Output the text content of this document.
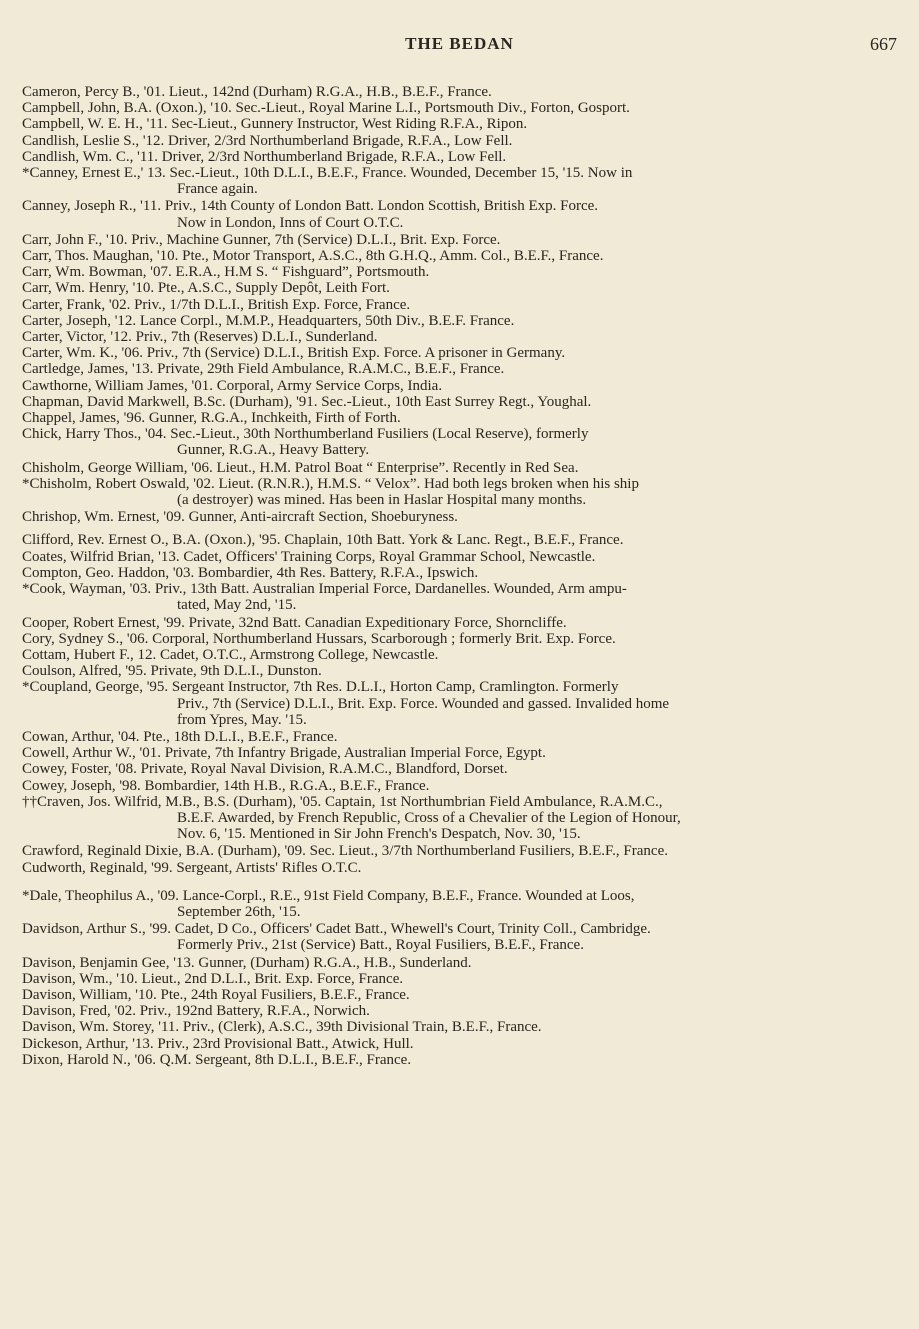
THE BEDAN	667

Cameron, Percy B., '01. Lieut., 142nd (Durham) R.G.A., H.B., B.E.F., France.

Campbell, John, B.A. (Oxon.), '10. Sec.-Lieut., Royal Marine L.I., Portsmouth Div., Forton, Gosport.

Campbell, W. E. H., '11. Sec-Lieut., Gunnery Instructor, West Riding R.F.A., Ripon.

Candlish, Leslie S., '12. Driver, 2/3rd Northumberland Brigade, R.F.A., Low Fell.

Candlish, Wm. C., '11. Driver, 2/3rd Northumberland Brigade, R.F.A., Low Fell.

*Canney, Ernest E.,' 13. Sec.-Lieut., 10th D.L.I., B.E.F., France. Wounded, December 15, '15. Now in
France again.

Canney, Joseph R., '11. Priv., 14th County of London Batt. London Scottish, British Exp. Force.
Now in London, Inns of Court O.T.C.

Carr, John F., '10. Priv., Machine Gunner, 7th (Service) D.L.I., Brit. Exp. Force.

Carr, Thos. Maughan, '10. Pte., Motor Transport, A.S.C., 8th G.H.Q., Amm. Col., B.E.F., France.

Carr, Wm. Bowman, '07. E.R.A., H.M S. “ Fishguard”, Portsmouth.

Carr, Wm. Henry, '10. Pte., A.S.C., Supply Depôt, Leith Fort.

Carter, Frank, '02. Priv., 1/7th D.L.I., British Exp. Force, France.

Carter, Joseph, '12. Lance Corpl., M.M.P., Headquarters, 50th Div., B.E.F. France.

Carter, Victor, '12. Priv., 7th (Reserves) D.L.I., Sunderland.

Carter, Wm. K., '06. Priv., 7th (Service) D.L.I., British Exp. Force. A prisoner in Germany.

Cartledge, James, '13. Private, 29th Field Ambulance, R.A.M.C., B.E.F., France.

Cawthorne, William James, '01. Corporal, Army Service Corps, India.

Chapman, David Markwell, B.Sc. (Durham), '91. Sec.-Lieut., 10th East Surrey Regt., Youghal.

Chappel, James, '96. Gunner, R.G.A., Inchkeith, Firth of Forth.

Chick, Harry Thos., '04. Sec.-Lieut., 30th Northumberland Fusiliers (Local Reserve), formerly
Gunner, R.G.A., Heavy Battery.

Chisholm, George William, '06. Lieut., H.M. Patrol Boat “ Enterprise”. Recently in Red Sea.

*Chisholm, Robert Oswald, '02. Lieut. (R.N.R.), H.M.S. “ Velox”. Had both legs broken when his ship
(a destroyer) was mined. Has been in Haslar Hospital many months.

Chrishop, Wm. Ernest, '09. Gunner, Anti-aircraft Section, Shoeburyness.

Clifford, Rev. Ernest O., B.A. (Oxon.), '95. Chaplain, 10th Batt. York & Lanc. Regt., B.E.F., France.

Coates, Wilfrid Brian, '13. Cadet, Officers' Training Corps, Royal Grammar School, Newcastle.

Compton, Geo. Haddon, '03. Bombardier, 4th Res. Battery, R.F.A., Ipswich.

*Cook, Wayman, '03. Priv., 13th Batt. Australian Imperial Force, Dardanelles. Wounded, Arm ampu-
tated, May 2nd, '15.

Cooper, Robert Ernest, '99. Private, 32nd Batt. Canadian Expeditionary Force, Shorncliffe.

Cory, Sydney S., '06. Corporal, Northumberland Hussars, Scarborough ; formerly Brit. Exp. Force.

Cottam, Hubert F., 12. Cadet, O.T.C., Armstrong College, Newcastle.

Coulson, Alfred, '95. Private, 9th D.L.I., Dunston.

*Coupland, George, '95. Sergeant Instructor, 7th Res. D.L.I., Horton Camp, Cramlington. Formerly
Priv., 7th (Service) D.L.I., Brit. Exp. Force. Wounded and gassed. Invalided home
from Ypres, May. '15.

Cowan, Arthur, '04. Pte., 18th D.L.I., B.E.F., France.

Cowell, Arthur W., '01. Private, 7th Infantry Brigade, Australian Imperial Force, Egypt.

Cowey, Foster, '08. Private, Royal Naval Division, R.A.M.C., Blandford, Dorset.

Cowey, Joseph, '98. Bombardier, 14th H.B., R.G.A., B.E.F., France.

††Craven, Jos. Wilfrid, M.B., B.S. (Durham), '05. Captain, 1st Northumbrian Field Ambulance, R.A.M.C.,
B.E.F. Awarded, by French Republic, Cross of a Chevalier of the Legion of Honour,
Nov. 6, '15. Mentioned in Sir John French's Despatch, Nov. 30, '15.

Crawford, Reginald Dixie, B.A. (Durham), '09. Sec. Lieut., 3/7th Northumberland Fusiliers, B.E.F., France.

Cudworth, Reginald, '99. Sergeant, Artists' Rifles O.T.C.

*Dale, Theophilus A., '09. Lance-Corpl., R.E., 91st Field Company, B.E.F., France. Wounded at Loos,
September 26th, '15.

Davidson, Arthur S., '99. Cadet, D Co., Officers' Cadet Batt., Whewell's Court, Trinity Coll., Cambridge.
Formerly Priv., 21st (Service) Batt., Royal Fusiliers, B.E.F., France.

Davison, Benjamin Gee, '13. Gunner, (Durham) R.G.A., H.B., Sunderland.

Davison, Wm., '10. Lieut., 2nd D.L.I., Brit. Exp. Force, France.

Davison, William, '10. Pte., 24th Royal Fusiliers, B.E.F., France.

Davison, Fred, '02. Priv., 192nd Battery, R.F.A., Norwich.

Davison, Wm. Storey, '11. Priv., (Clerk), A.S.C., 39th Divisional Train, B.E.F., France.

Dickeson, Arthur, '13. Priv., 23rd Provisional Batt., Atwick, Hull.

Dixon, Harold N., '06. Q.M. Sergeant, 8th D.L.I., B.E.F., France.
